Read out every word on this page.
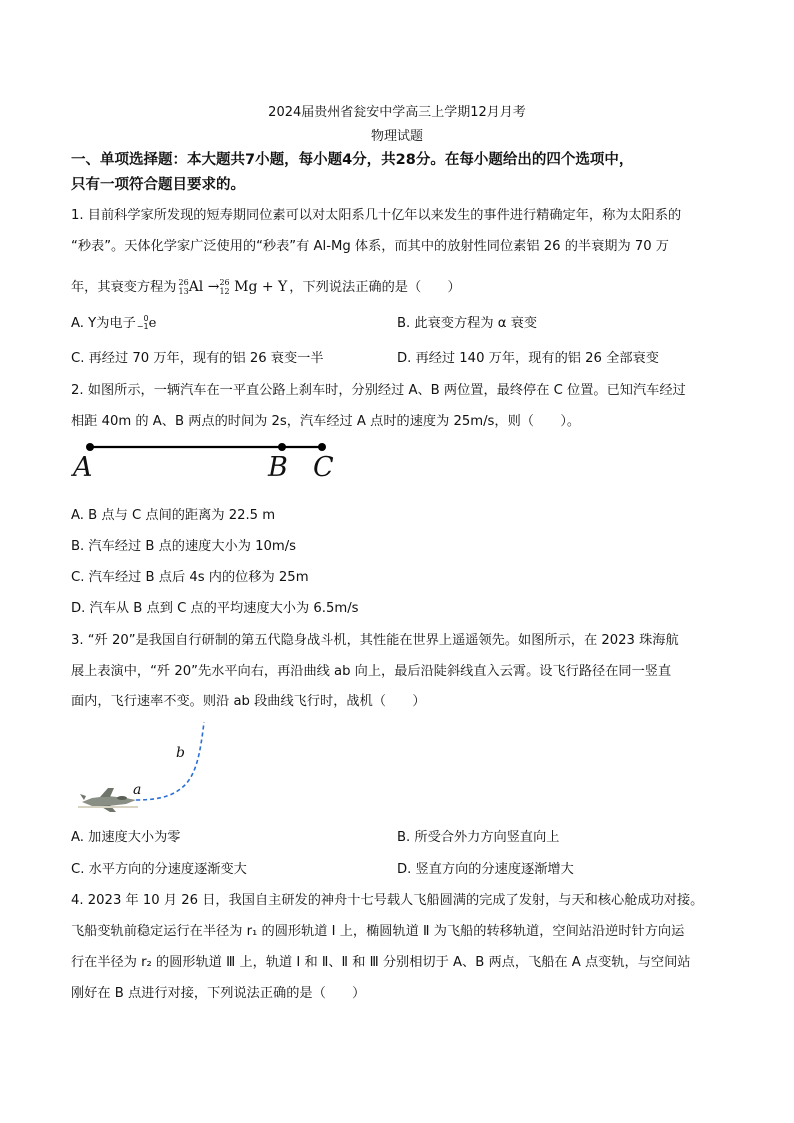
2024届贵州省瓮安中学高三上学期12月月考
物理试题
一、单项选择题：本大题共7小题，每小题4分，共28分。在每小题给出的四个选项中，
只有一项符合题目要求的。
1. 目前科学家所发现的短寿期同位素可以对太阳系几十亿年以来发生的事件进行精确定年，称为太阳系的
“秒表”。天体化学家广泛使用的“秒表”有 Al-Mg 体系，而其中的放射性同位素铝 26 的半衰期为 70 万
年，其衰变方程为 26
13Al →26
12 Mg + Y ，下列说法正确的是（　　）
A. Y为电子 0
−1e	B. 此衰变方程为 α 衰变
C. 再经过 70 万年，现有的铝 26 衰变一半	D. 再经过 140 万年，现有的铝 26 全部衰变
2. 如图所示，一辆汽车在一平直公路上刹车时，分别经过 A、B 两位置，最终停在 C 位置。已知汽车经过
相距 40m 的 A、B 两点的时间为 2s，汽车经过 A 点时的速度为 25m/s，则（　　）。
A	B C
A. B 点与 C 点间的距离为 22.5 m
B. 汽车经过 B 点的速度大小为 10m/s
C. 汽车经过 B 点后 4s 内的位移为 25m
D. 汽车从 B 点到 C 点的平均速度大小为 6.5m/s
3. “歼 20”是我国自行研制的第五代隐身战斗机，其性能在世界上遥遥领先。如图所示，在 2023 珠海航
展上表演中，“歼 20”先水平向右，再沿曲线 ab 向上，最后沿陡斜线直入云霄。设飞行路径在同一竖直
面内，飞行速率不变。则沿 ab 段曲线飞行时，战机（　　）
a
b
A. 加速度大小为零	B. 所受合外力方向竖直向上
C. 水平方向的分速度逐渐变大	D. 竖直方向的分速度逐渐增大
4. 2023 年 10 月 26 日，我国自主研发的神舟十七号载人飞船圆满的完成了发射，与天和核心舱成功对接。
飞船变轨前稳定运行在半径为 r₁ 的圆形轨道 Ⅰ 上，椭圆轨道 Ⅱ 为飞船的转移轨道，空间站沿逆时针方向运
行在半径为 r₂ 的圆形轨道 Ⅲ 上，轨道 Ⅰ 和 Ⅱ、Ⅱ 和 Ⅲ 分别相切于 A、B 两点，飞船在 A 点变轨，与空间站
刚好在 B 点进行对接，下列说法正确的是（　　）
